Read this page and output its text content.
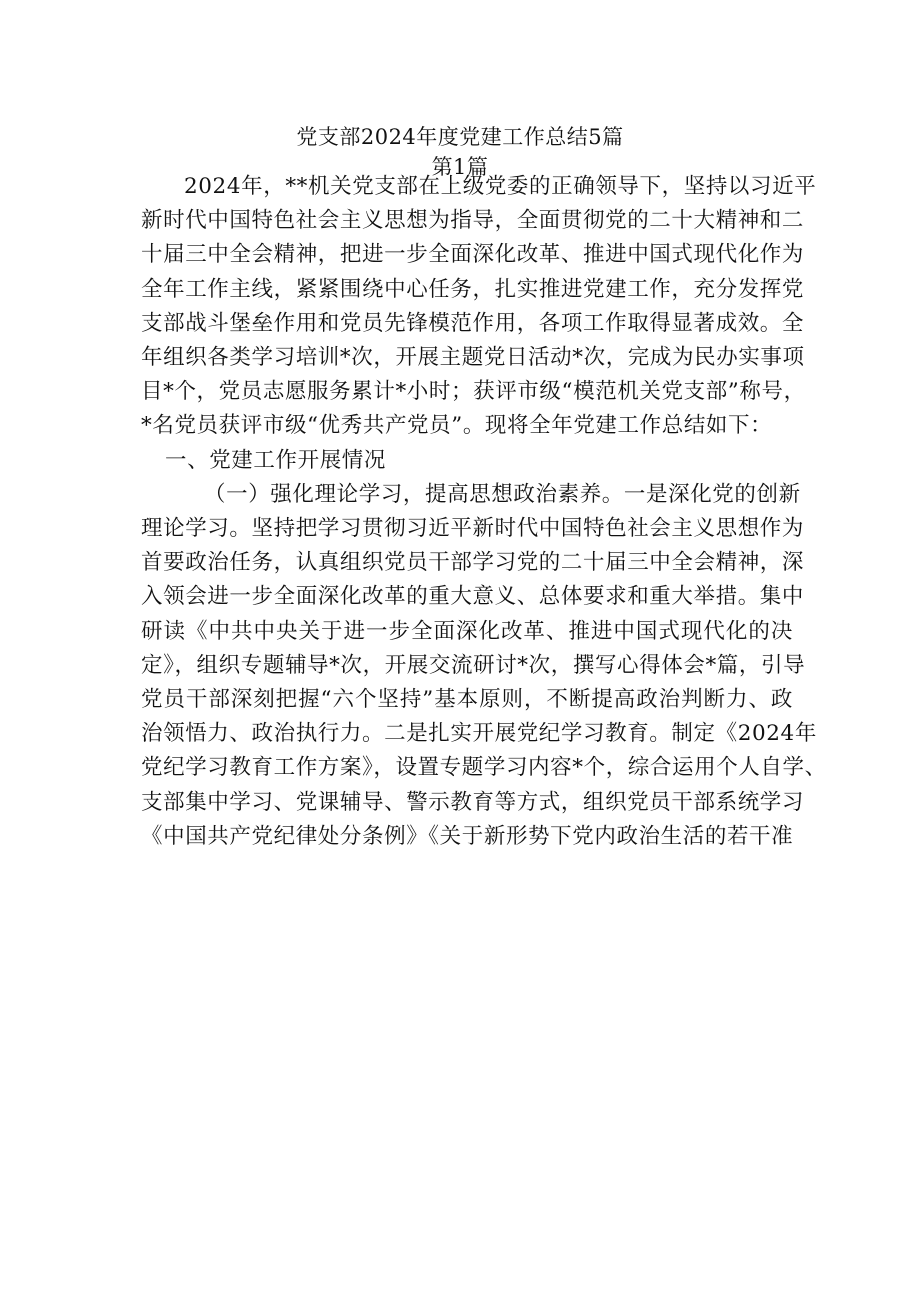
党支部2024年度党建工作总结5篇
第1篇
2024年，**机关党支部在上级党委的正确领导下，坚持以习近平
新时代中国特色社会主义思想为指导，全面贯彻党的二十大精神和二
十届三中全会精神，把进一步全面深化改革、推进中国式现代化作为
全年工作主线，紧紧围绕中心任务，扎实推进党建工作，充分发挥党
支部战斗堡垒作用和党员先锋模范作用，各项工作取得显著成效。全
年组织各类学习培训*次，开展主题党日活动*次，完成为民办实事项
目*个，党员志愿服务累计*小时；获评市级“模范机关党支部”称号，
*名党员获评市级“优秀共产党员”。现将全年党建工作总结如下：
一、党建工作开展情况
（一）强化理论学习，提高思想政治素养。一是深化党的创新
理论学习。坚持把学习贯彻习近平新时代中国特色社会主义思想作为
首要政治任务，认真组织党员干部学习党的二十届三中全会精神，深
入领会进一步全面深化改革的重大意义、总体要求和重大举措。集中
研读《中共中央关于进一步全面深化改革、推进中国式现代化的决
定》，组织专题辅导*次，开展交流研讨*次，撰写心得体会*篇，引导
党员干部深刻把握“六个坚持”基本原则，不断提高政治判断力、政
治领悟力、政治执行力。二是扎实开展党纪学习教育。制定《2024年
党纪学习教育工作方案》，设置专题学习内容*个，综合运用个人自学、
支部集中学习、党课辅导、警示教育等方式，组织党员干部系统学习
《中国共产党纪律处分条例》《关于新形势下党内政治生活的若干准
